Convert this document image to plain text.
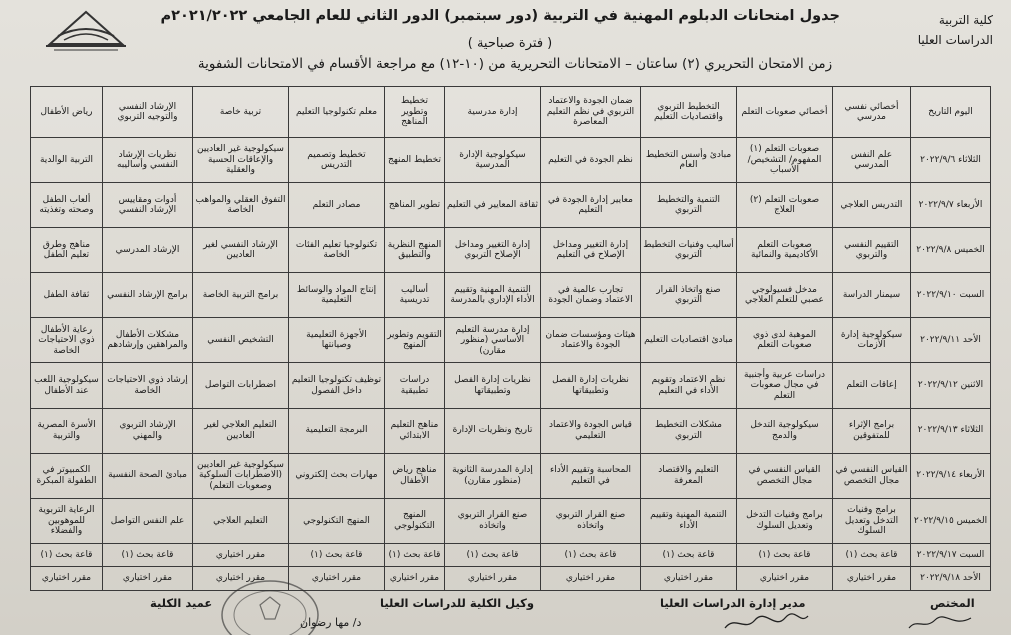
كلية التربية
الدراسات العليا
جدول امتحانات الدبلوم المهنية في التربية (دور سبتمبر) الدور الثاني للعام الجامعي ٢٠٢١/٢٠٢٢م
( فترة صباحية )
زمن الامتحان التحريري (٢) ساعتان – الامتحانات التحريرية من (١٠-١٢) مع مراجعة الأقسام في الامتحانات الشفوية
اليوم التاريخ	أخصائي نفسي مدرسي	أخصائي صعوبات التعلم	التخطيط التربوي واقتصاديات التعليم	ضمان الجودة والاعتماد التربوي في نظم التعليم المعاصرة	إدارة مدرسية	تخطيط وتطوير المناهج	معلم تكنولوجيا التعليم	تربية خاصة	الإرشاد النفسي والتوجيه التربوي	رياض الأطفال
الثلاثاء ٢٠٢٢/٩/٦	علم النفس المدرسي	صعوبات التعلم (١) المفهوم/ التشخيص/ الأسباب	مبادئ وأسس التخطيط العام	نظم الجودة في التعليم	سيكولوجية الإدارة المدرسية	تخطيط المنهج	تخطيط وتصميم التدريس	سيكولوجية غير العاديين والإعاقات الحسية والعقلية	نظريات الإرشاد النفسي وأساليبه	التربية الوالدية
الأربعاء ٢٠٢٢/٩/٧	التدريس العلاجي	صعوبات التعلم (٢) العلاج	التنمية والتخطيط التربوي	معايير إدارة الجودة في التعليم	ثقافة المعايير في التعليم	تطوير المناهج	مصادر التعلم	التفوق العقلي والمواهب الخاصة	أدوات ومقاييس الإرشاد النفسي	ألعاب الطفل وصحته وتغذيته
الخميس ٢٠٢٢/٩/٨	التقييم النفسي والتربوي	صعوبات التعلم الأكاديمية والنمائية	أساليب وفنيات التخطيط التربوي	إدارة التغيير ومداخل الإصلاح في التعليم	إدارة التغيير ومداخل الإصلاح التربوي	المنهج النظرية والتطبيق	تكنولوجيا تعليم الفئات الخاصة	الإرشاد النفسي لغير العاديين	الإرشاد المدرسي	مناهج وطرق تعليم الطفل
السبت ٢٠٢٢/٩/١٠	سيمنار الدراسة	مدخل فسيولوجي عصبي للتعلم العلاجي	صنع واتخاذ القرار التربوي	تجارب عالمية في الاعتماد وضمان الجودة	التنمية المهنية وتقييم الأداء الإداري بالمدرسة	أساليب تدريسية	إنتاج المواد والوسائط التعليمية	برامج التربية الخاصة	برامج الإرشاد النفسي	ثقافة الطفل
الأحد ٢٠٢٢/٩/١١	سيكولوجية إدارة الأزمات	الموهبة لدى ذوي صعوبات التعلم	مبادئ اقتصاديات التعليم	هيئات ومؤسسات ضمان الجودة والاعتماد	إدارة مدرسة التعليم الأساسي (منظور مقارن)	التقويم وتطوير المنهج	الأجهزة التعليمية وصيانتها	التشخيص النفسي	مشكلات الأطفال والمراهقين وإرشادهم	رعاية الأطفال ذوي الاحتياجات الخاصة
الاثنين ٢٠٢٢/٩/١٢	إعاقات التعلم	دراسات عربية وأجنبية في مجال صعوبات التعلم	نظم الاعتماد وتقويم الأداء في التعليم	نظريات إدارة الفصل وتطبيقاتها	نظريات إدارة الفصل وتطبيقاتها	دراسات تطبيقية	توظيف تكنولوجيا التعليم داخل الفصول	اضطرابات التواصل	إرشاد ذوي الاحتياجات الخاصة	سيكولوجية اللعب عند الأطفال
الثلاثاء ٢٠٢٢/٩/١٣	برامج الإثراء للمتفوقين	سيكولوجية التدخل والدمج	مشكلات التخطيط التربوي	قياس الجودة والاعتماد التعليمي	تاريخ ونظريات الإدارة	مناهج التعليم الابتدائي	البرمجة التعليمية	التعليم العلاجي لغير العاديين	الإرشاد التربوي والمهني	الأسرة المصرية والتربية
الأربعاء ٢٠٢٢/٩/١٤	القياس النفسي في مجال التخصص	القياس النفسي في مجال التخصص	التعليم والاقتصاد المعرفة	المحاسبة وتقييم الأداء في التعليم	إدارة المدرسة الثانوية (منظور مقارن)	مناهج رياض الأطفال	مهارات بحث إلكتروني	سيكولوجية غير العاديين (الاضطرابات السلوكية وصعوبات التعلم)	مبادئ الصحة النفسية	الكمبيوتر في الطفولة المبكرة
الخميس ٢٠٢٢/٩/١٥	برامج وفنيات التدخل وتعديل السلوك	برامج وفنيات التدخل وتعديل السلوك	التنمية المهنية وتقييم الأداء	صنع القرار التربوي واتخاذه	صنع القرار التربوي واتخاذه	المنهج التكنولوجي	المنهج التكنولوجي	التعليم العلاجي	علم النفس التواصل	الرعاية التربوية للموهوبين والفضلاء
السبت ٢٠٢٢/٩/١٧	قاعة بحث (١)	قاعة بحث (١)	قاعة بحث (١)	قاعة بحث (١)	قاعة بحث (١)	قاعة بحث (١)	قاعة بحث (١)	مقرر اختياري	قاعة بحث (١)	قاعة بحث (١)
الأحد ٢٠٢٢/٩/١٨	مقرر اختياري	مقرر اختياري	مقرر اختياري	مقرر اختياري	مقرر اختياري	مقرر اختياري	مقرر اختياري	مقرر اختياري	مقرر اختياري	مقرر اختياري
المختص
مدير إدارة الدراسات العليا
وكيل الكلية للدراسات العليا
عميد الكلية
د/ مها رضوان
